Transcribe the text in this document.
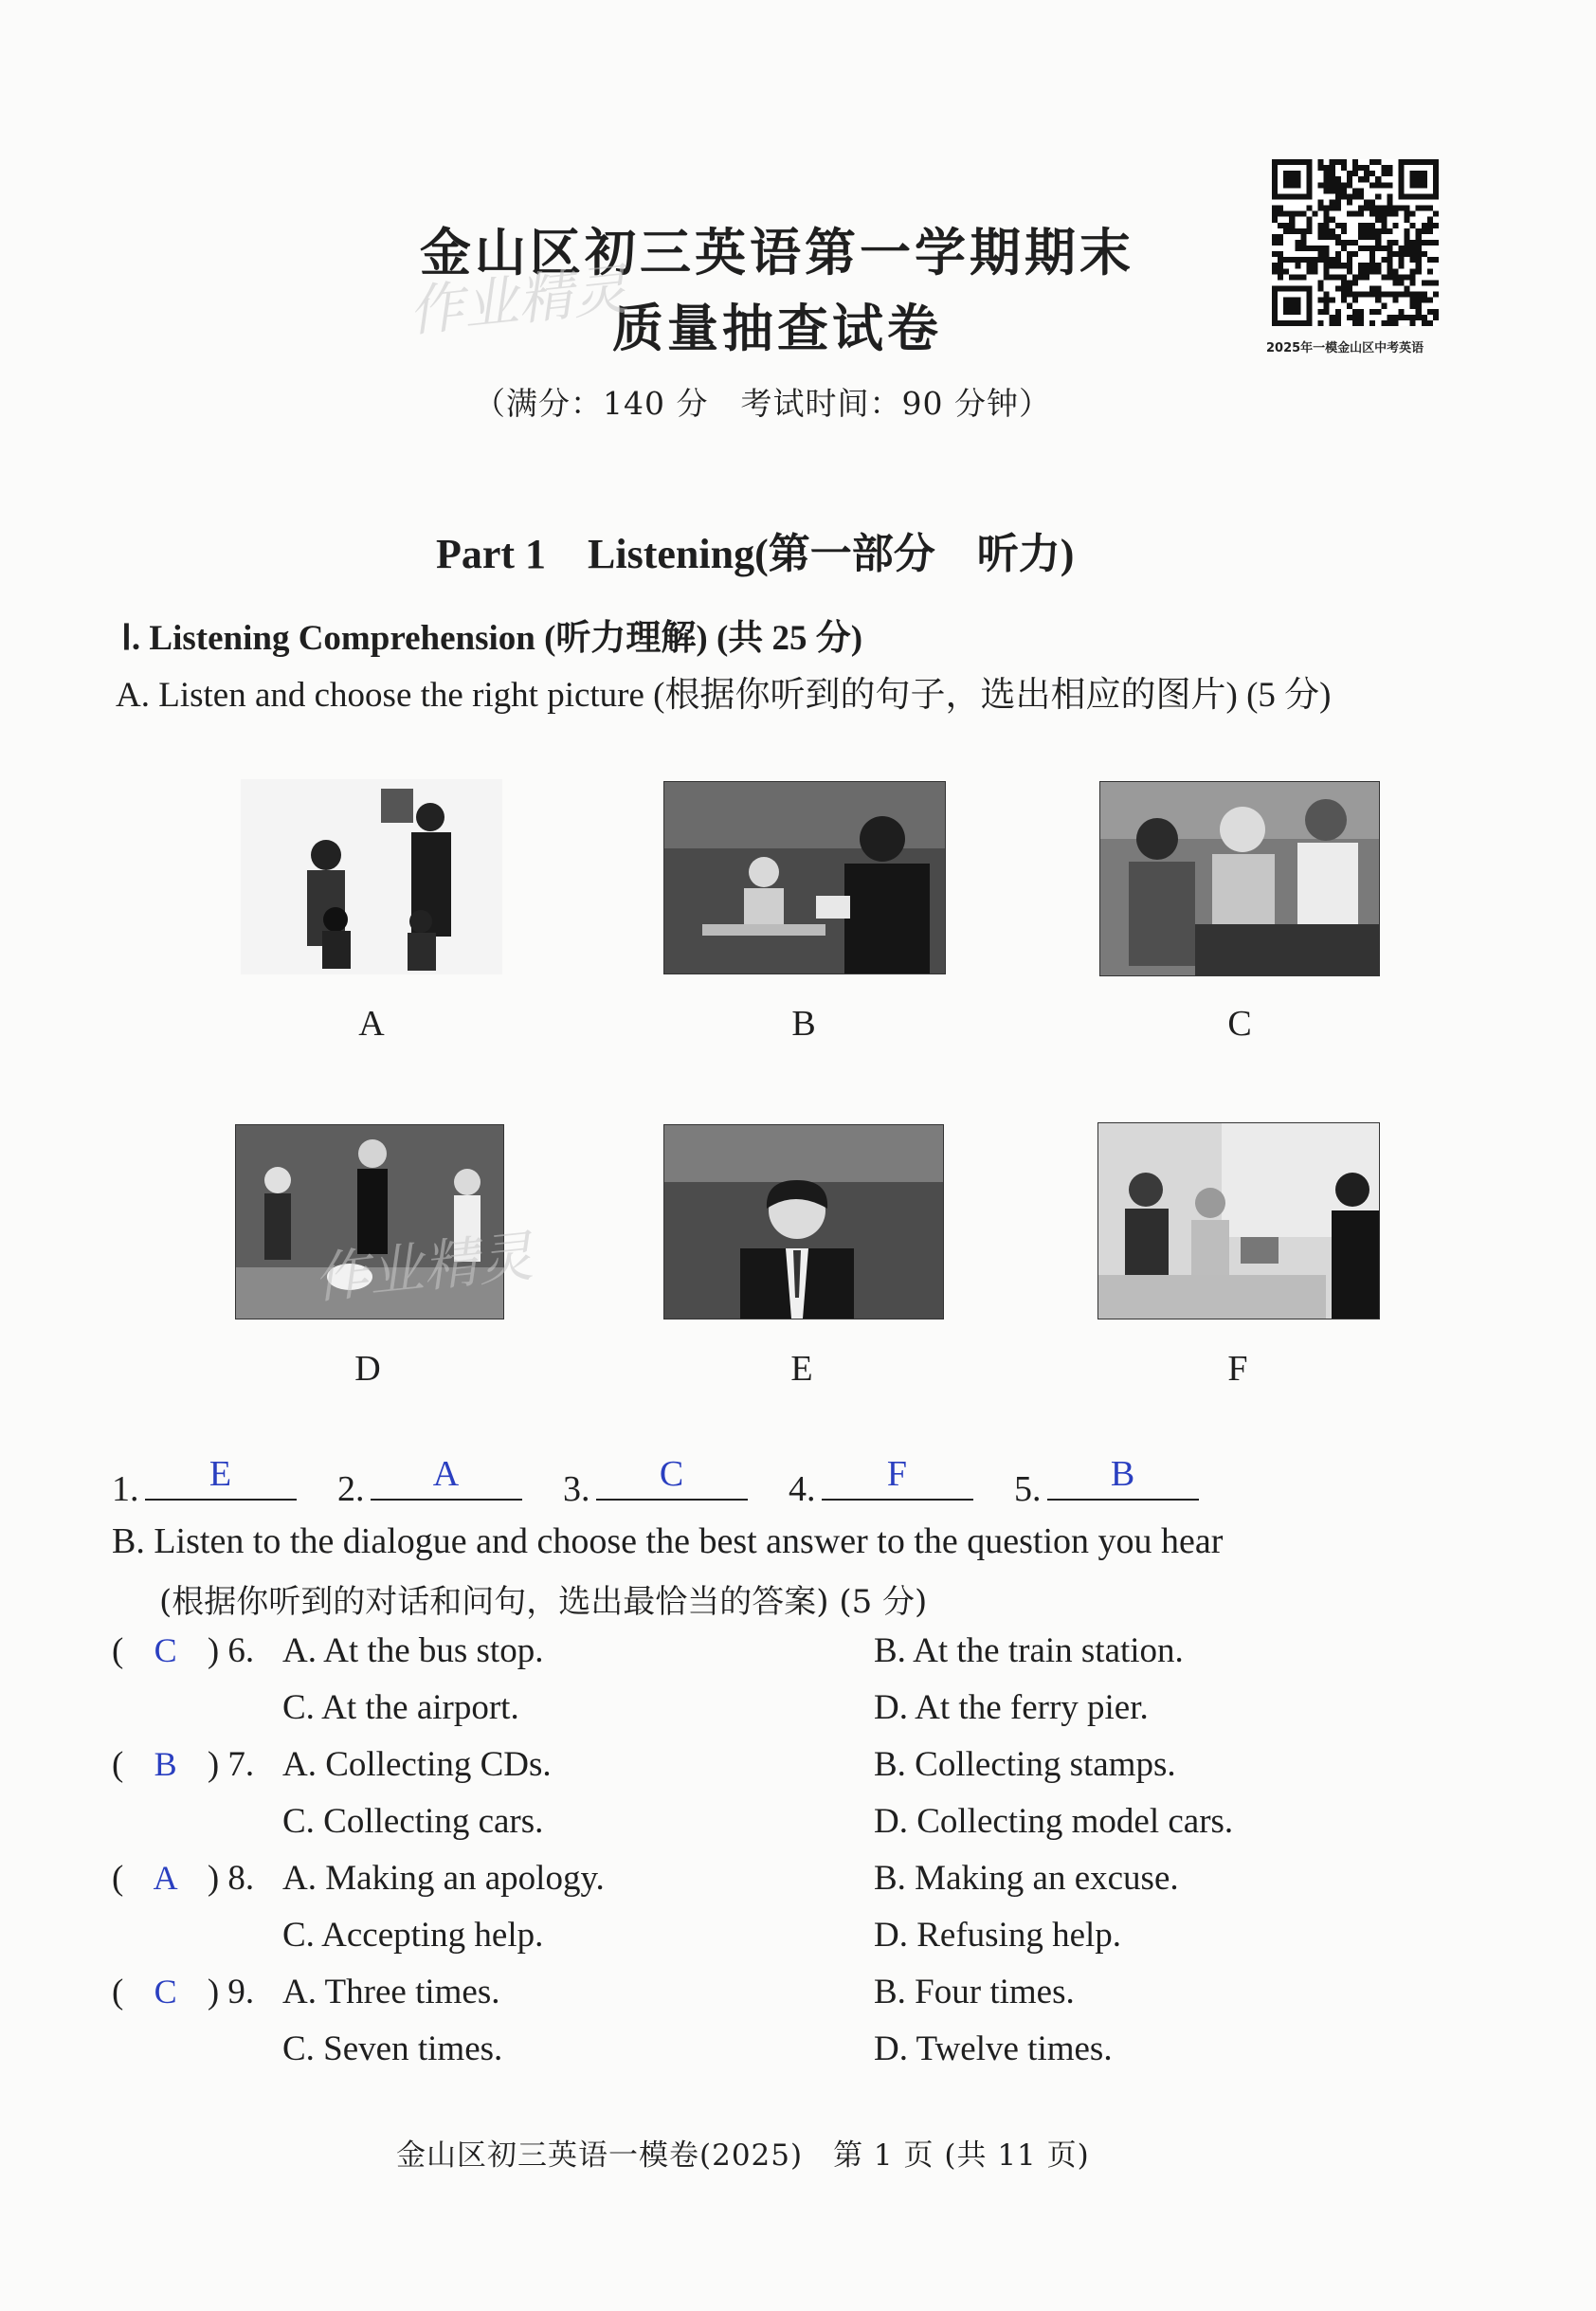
金山区初三英语第一学期期末
质量抽查试卷
作业精灵
（满分：140 分　考试时间：90 分钟）
2025年一模金山区中考英语
Part 1　Listening(第一部分　听力)
Ⅰ. Listening Comprehension (听力理解) (共 25 分)
A. Listen and choose the right picture (根据你听到的句子，选出相应的图片) (5 分)
A	B	C
作业精灵
D	E	F
1.	E	2.	A	3.	C	4.	F	5.	B
B. Listen to the dialogue and choose the best answer to the question you hear
(根据你听到的对话和问句，选出最恰当的答案) (5 分)
( C ) 6. A. At the bus stop.	B. At the train station.
C. At the airport.	D. At the ferry pier.
( B ) 7. A. Collecting CDs.	B. Collecting stamps.
C. Collecting cars.	D. Collecting model cars.
( A ) 8. A. Making an apology.	B. Making an excuse.
C. Accepting help.	D. Refusing help.
( C ) 9. A. Three times.	B. Four times.
C. Seven times.	D. Twelve times.
金山区初三英语一模卷(2025)　第 1 页 (共 11 页)
